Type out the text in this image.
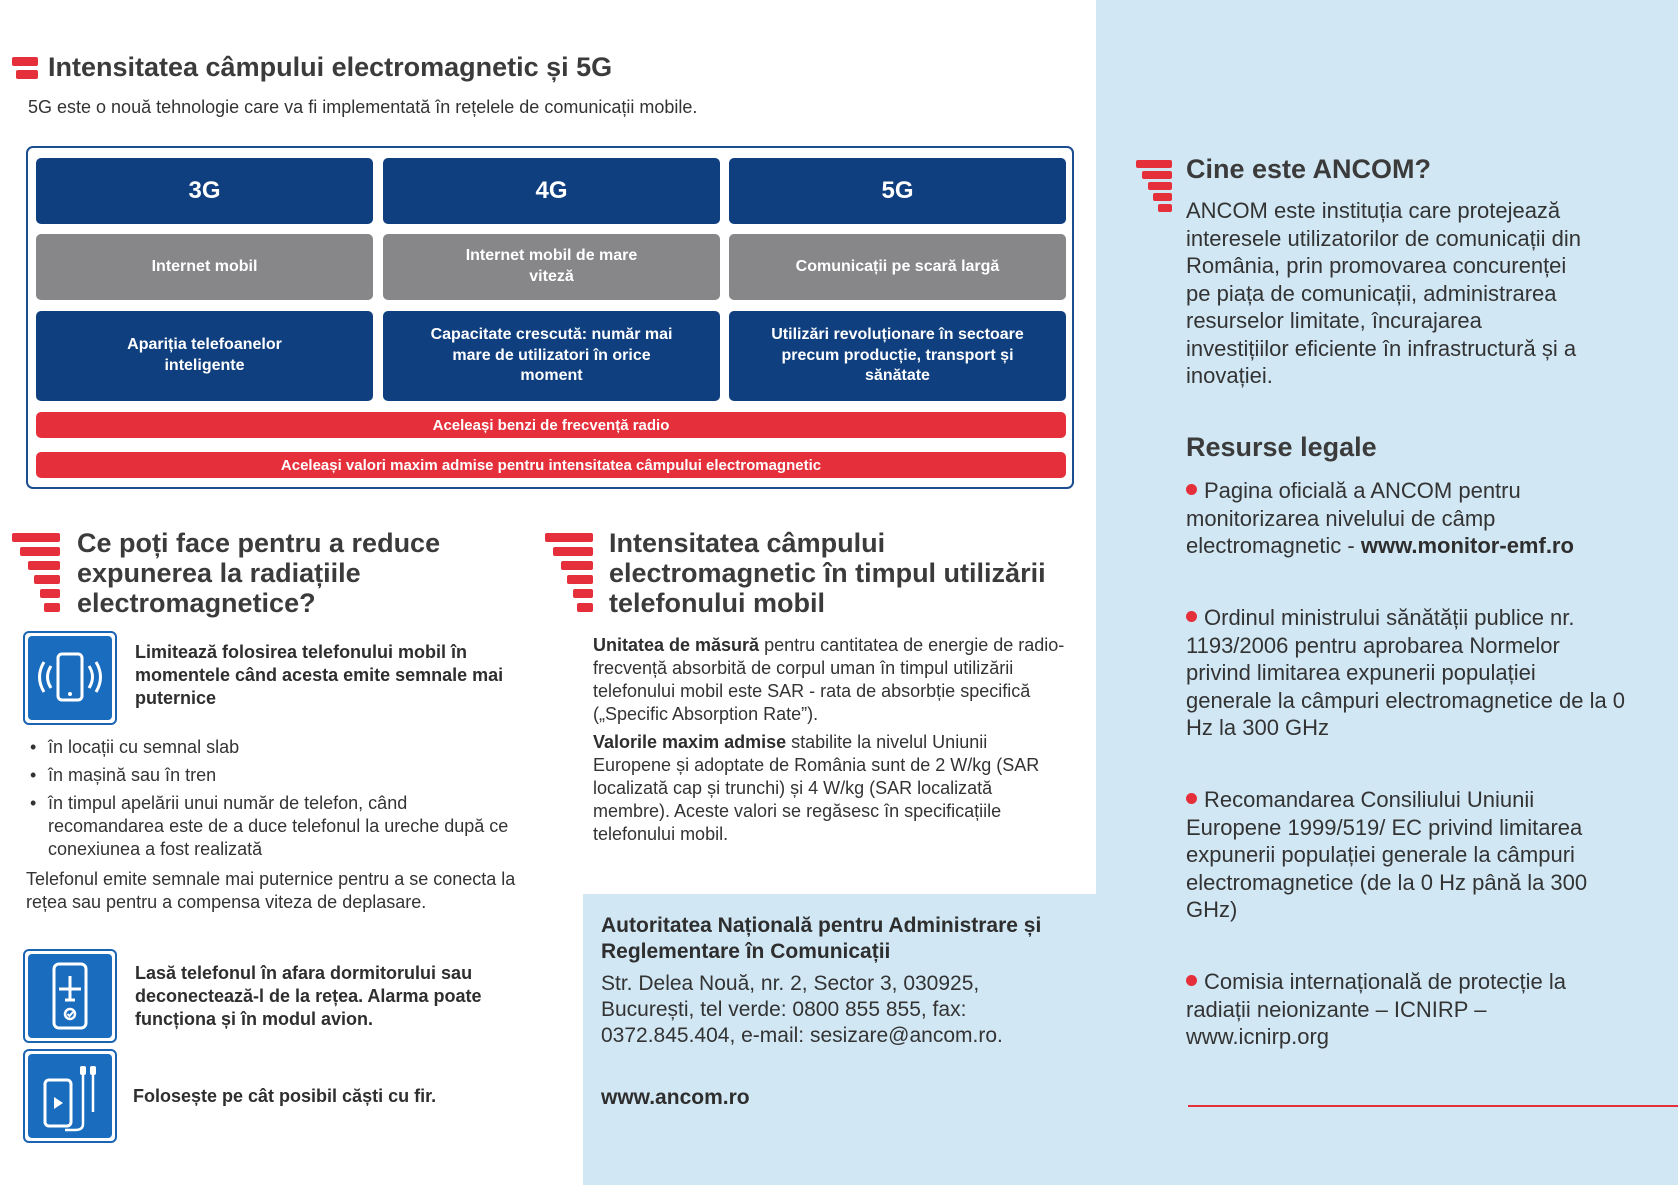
Intensitatea câmpului electromagnetic și 5G

5G este o nouă tehnologie care va fi implementată în rețelele de comunicații mobile.

3G	4G	5G
Internet mobil
Internet mobil de mare viteză
Comunicații pe scară largă
Apariția telefoanelor inteligente
Capacitate crescută: număr mai mare de utilizatori în orice moment
Utilizări revoluționare în sectoare precum producție, transport și sănătate
Aceleași benzi de frecvență radio
Aceleași valori maxim admise pentru intensitatea câmpului electromagnetic
Ce poți face pentru a reduce expunerea la radiațiile electromagnetice?

Limitează folosirea telefonului mobil în momentele când acesta emite semnale mai puternice

• în locații cu semnal slab
• în mașină sau în tren
• în timpul apelării unui număr de telefon, când recomandarea este de a duce telefonul la ureche după ce conexiunea a fost realizată

Telefonul emite semnale mai puternice pentru a se conecta la rețea sau pentru a compensa viteza de deplasare.

Lasă telefonul în afara dormitorului sau deconectează-l de la rețea. Alarma poate funcționa și în modul avion.

Folosește pe cât posibil căști cu fir.

Intensitatea câmpului electromagnetic în timpul utilizării telefonului mobil

Unitatea de măsură pentru cantitatea de energie de radio-frecvență absorbită de corpul uman în timpul utilizării telefonului mobil este SAR - rata de absorbție specifică („Specific Absorption Rate”).

Valorile maxim admise stabilite la nivelul Uniunii Europene și adoptate de România sunt de 2 W/kg (SAR localizată cap și trunchi) și 4 W/kg (SAR localizată membre). Aceste valori se regăsesc în specificațiile telefonului mobil.

Autoritatea Națională pentru Administrare și Reglementare în Comunicații

Str. Delea Nouă, nr. 2, Sector 3, 030925, București, tel verde: 0800 855 855, fax: 0372.845.404, e-mail: sesizare@ancom.ro.

www.ancom.ro
Cine este ANCOM?

ANCOM este instituția care protejează interesele utilizatorilor de comunicații din România, prin promovarea concurenței pe piața de comunicații, administrarea resurselor limitate, încurajarea investițiilor eficiente în infrastructură și a inovației.

Resurse legale

Pagina oficială a ANCOM pentru monitorizarea nivelului de câmp electromagnetic - www.monitor-emf.ro

Ordinul ministrului sănătății publice nr. 1193/2006 pentru aprobarea Normelor privind limitarea expunerii populației generale la câmpuri electromagnetice de la 0 Hz la 300 GHz

Recomandarea Consiliului Uniunii Europene 1999/519/ EC privind limitarea expunerii populației generale la câmpuri electromagnetice (de la 0 Hz până la 300 GHz)

Comisia internațională de protecție la radiații neionizante – ICNIRP – www.icnirp.org
